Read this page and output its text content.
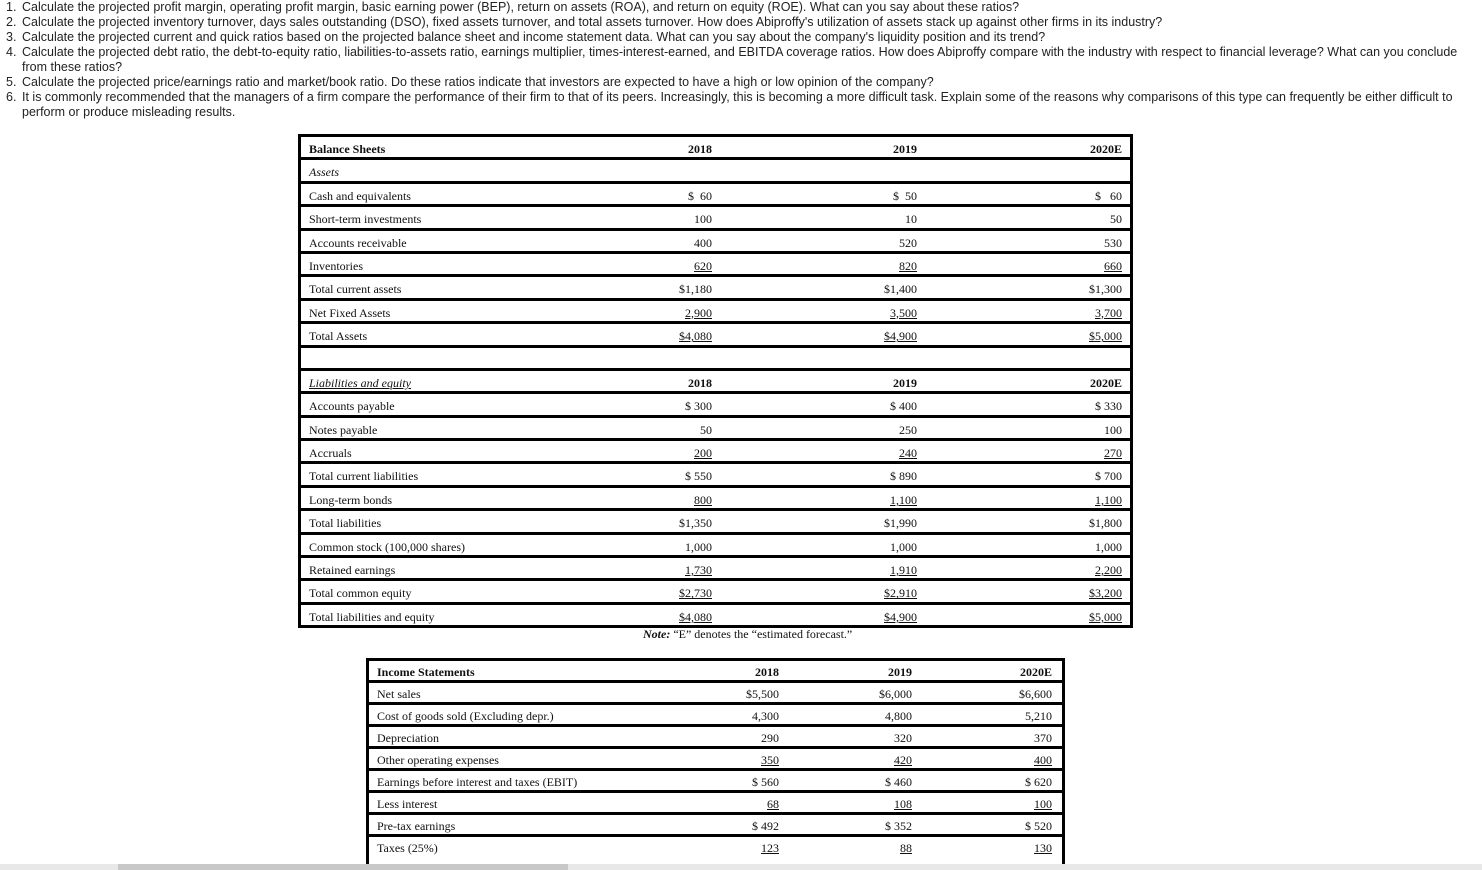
1. Calculate the projected profit margin, operating profit margin, basic earning power (BEP), return on assets (ROA), and return on equity (ROE). What can you say about these ratios?
2. Calculate the projected inventory turnover, days sales outstanding (DSO), fixed assets turnover, and total assets turnover. How does Abiproffy's utilization of assets stack up against other firms in its industry?
3. Calculate the projected current and quick ratios based on the projected balance sheet and income statement data. What can you say about the company's liquidity position and its trend?
4. Calculate the projected debt ratio, the debt-to-equity ratio, liabilities-to-assets ratio, earnings multiplier, times-interest-earned, and EBITDA coverage ratios. How does Abiproffy compare with the industry with respect to financial leverage? What can you conclude from these ratios?
5. Calculate the projected price/earnings ratio and market/book ratio. Do these ratios indicate that investors are expected to have a high or low opinion of the company?
6. It is commonly recommended that the managers of a firm compare the performance of their firm to that of its peers. Increasingly, this is becoming a more difficult task. Explain some of the reasons why comparisons of this type can frequently be either difficult to perform or produce misleading results.
Balance Sheets	2018	2019	2020E
Assets
Cash and equivalents	$  60	$  50	$   60
Short-term investments	100	10	50
Accounts receivable	400	520	530
Inventories	620	820	660
Total current assets	$1,180	$1,400	$1,300
Net Fixed Assets	2,900	3,500	3,700
Total Assets	$4,080	$4,900	$5,000
Liabilities and equity	2018	2019	2020E
Accounts payable	$ 300	$ 400	$ 330
Notes payable	50	250	100
Accruals	200	240	270
Total current liabilities	$ 550	$ 890	$ 700
Long-term bonds	800	1,100	1,100
Total liabilities	$1,350	$1,990	$1,800
Common stock (100,000 shares)	1,000	1,000	1,000
Retained earnings	1,730	1,910	2,200
Total common equity	$2,730	$2,910	$3,200
Total liabilities and equity	$4,080	$4,900	$5,000
Note: “E” denotes the “estimated forecast.”
Income Statements	2018	2019	2020E
Net sales	$5,500	$6,000	$6,600
Cost of goods sold (Excluding depr.)	4,300	4,800	5,210
Depreciation	290	320	370
Other operating expenses	350	420	400
Earnings before interest and taxes (EBIT)	$ 560	$ 460	$ 620
Less interest	68	108	100
Pre-tax earnings	$ 492	$ 352	$ 520
Taxes (25%)	123	88	130
